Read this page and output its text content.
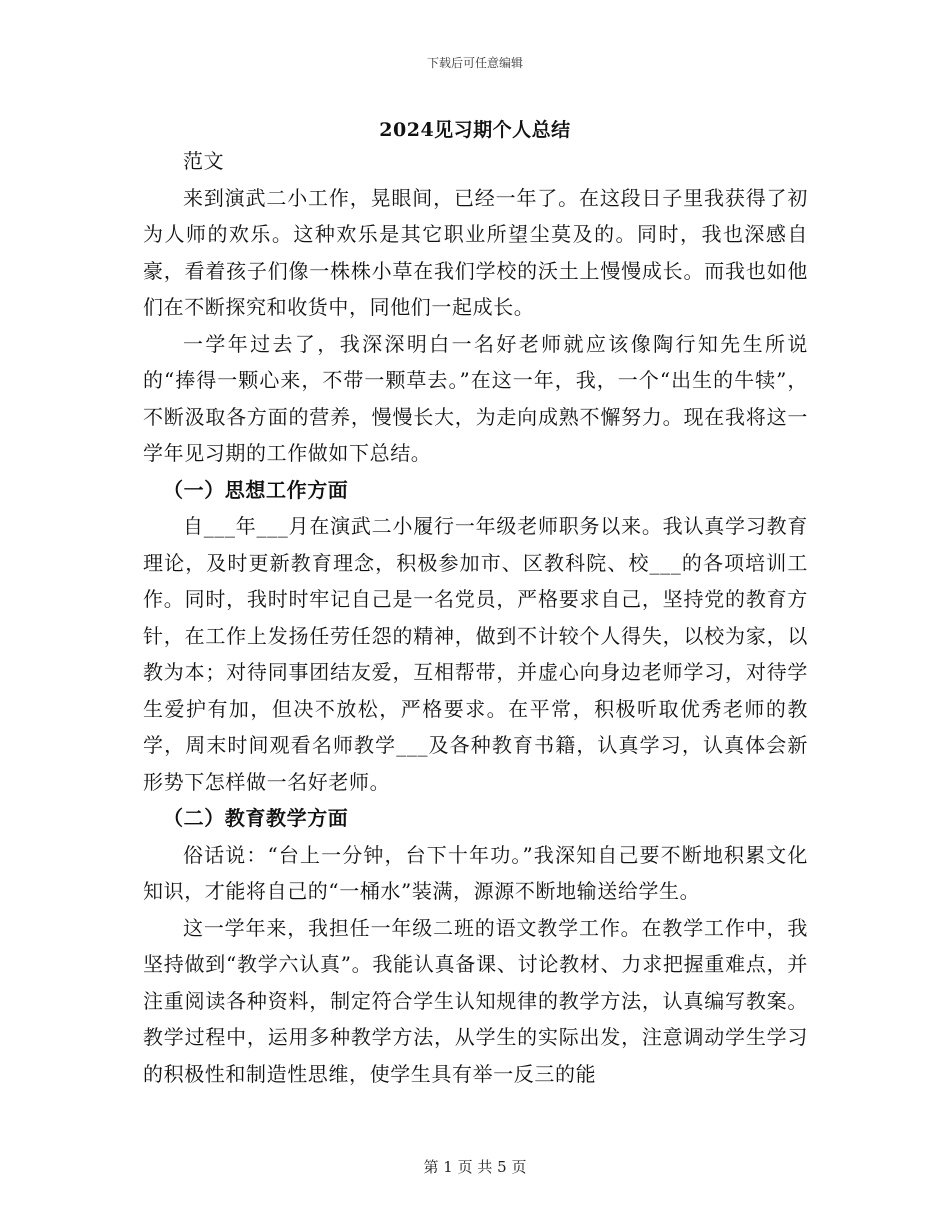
下载后可任意编辑
2024见习期个人总结

范文

来到演武二小工作，晃眼间，已经一年了。在这段日子里我获得了初为人师的欢乐。这种欢乐是其它职业所望尘莫及的。同时，我也深感自豪，看着孩子们像一株株小草在我们学校的沃土上慢慢成长。而我也如他们在不断探究和收货中，同他们一起成长。

一学年过去了，我深深明白一名好老师就应该像陶行知先生所说的“捧得一颗心来，不带一颗草去。”在这一年，我，一个“出生的牛犊”，不断汲取各方面的营养，慢慢长大，为走向成熟不懈努力。现在我将这一学年见习期的工作做如下总结。

（一）思想工作方面

自___年___月在演武二小履行一年级老师职务以来。我认真学习教育理论，及时更新教育理念，积极参加市、区教科院、校___的各项培训工作。同时，我时时牢记自己是一名党员，严格要求自己，坚持党的教育方针，在工作上发扬任劳任怨的精神，做到不计较个人得失，以校为家，以教为本；对待同事团结友爱，互相帮带，并虚心向身边老师学习，对待学生爱护有加，但决不放松，严格要求。在平常，积极听取优秀老师的教学，周末时间观看名师教学___及各种教育书籍，认真学习，认真体会新形势下怎样做一名好老师。

（二）教育教学方面

俗话说：“台上一分钟，台下十年功。”我深知自己要不断地积累文化知识，才能将自己的“一桶水”装满，源源不断地输送给学生。

这一学年来，我担任一年级二班的语文教学工作。在教学工作中，我坚持做到“教学六认真”。我能认真备课、讨论教材、力求把握重难点，并注重阅读各种资料，制定符合学生认知规律的教学方法，认真编写教案。教学过程中，运用多种教学方法，从学生的实际出发，注意调动学生学习的积极性和制造性思维，使学生具有举一反三的能

第 1 页 共 5 页
